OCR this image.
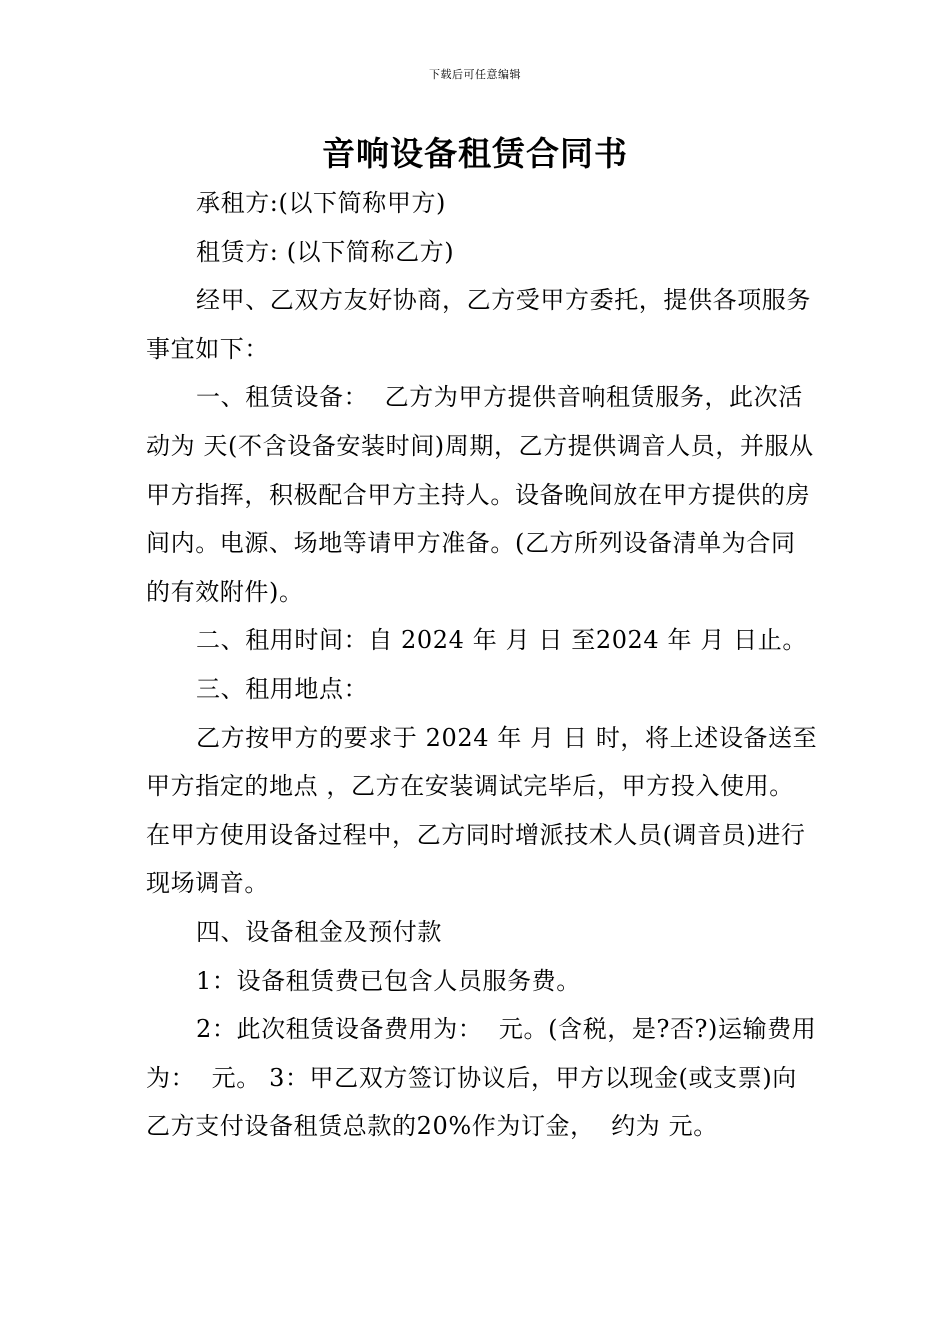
下载后可任意编辑
音响设备租赁合同书

承租方:(以下简称甲方)

租赁方: (以下简称乙方)

经甲、乙双方友好协商，乙方受甲方委托，提供各项服务事宜如下：

一、租赁设备：  乙方为甲方提供音响租赁服务，此次活动为 天(不含设备安装时间)周期，乙方提供调音人员，并服从甲方指挥，积极配合甲方主持人。设备晚间放在甲方提供的房间内。电源、场地等请甲方准备。(乙方所列设备清单为合同的有效附件)。

二、租用时间：自 2024 年 月 日 至2024 年 月 日止。

三、租用地点：

乙方按甲方的要求于 2024 年 月 日 时，将上述设备送至甲方指定的地点 ，乙方在安装调试完毕后，甲方投入使用。在甲方使用设备过程中，乙方同时增派技术人员(调音员)进行现场调音。

四、设备租金及预付款

1：设备租赁费已包含人员服务费。

2：此次租赁设备费用为：  元。(含税，是?否?)运输费用为：  元。 3：甲乙双方签订协议后，甲方以现金(或支票)向乙方支付设备租赁总款的20%作为订金，  约为 元。
